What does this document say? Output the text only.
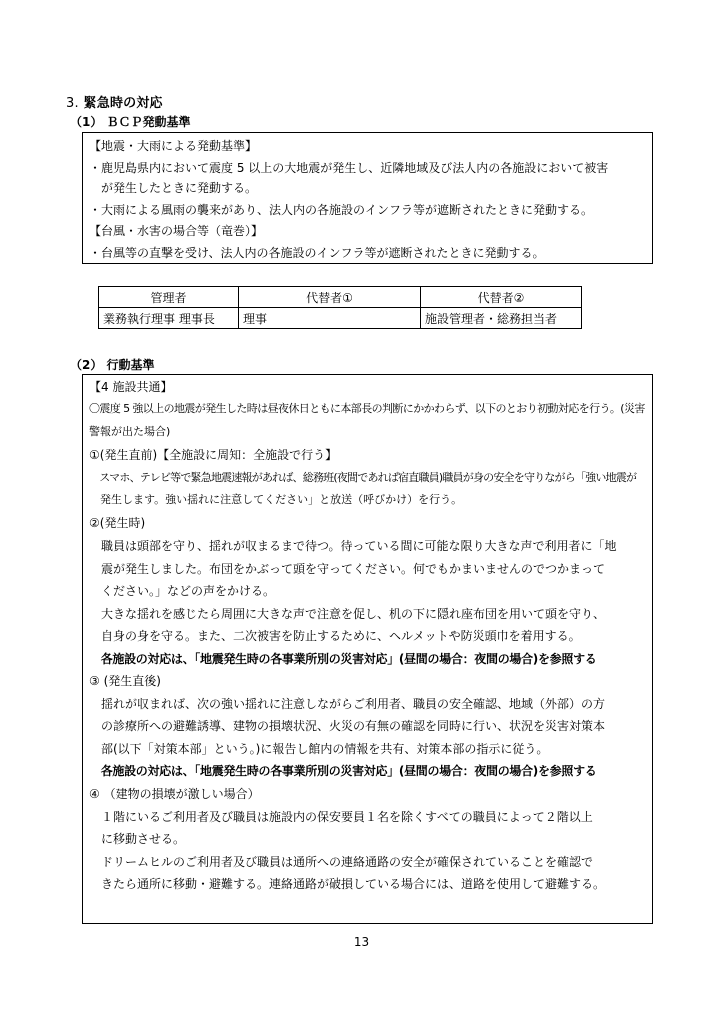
3. 緊急時の対応
（1） ＢＣＰ発動基準
【地震・大雨による発動基準】
・鹿児島県内において震度 5 以上の大地震が発生し、近隣地域及び法人内の各施設において被害
　が発生したときに発動する。
・大雨による風雨の襲来があり、法人内の各施設のインフラ等が遮断されたときに発動する。
【台風・水害の場合等（竜巻）】
・台風等の直撃を受け、法人内の各施設のインフラ等が遮断されたときに発動する。
管理者	代替者①	代替者②
業務執行理事 理事長	理事	施設管理者・総務担当者
（2） 行動基準
【4 施設共通】
〇震度 5 強以上の地震が発生した時は昼夜休日ともに本部長の判断にかかわらず、以下のとおり初動対応を行う。(災害
警報が出た場合)
①(発生直前)【全施設に周知：全施設で行う】
　スマホ、テレビ等で緊急地震速報があれば、総務班(夜間であれば宿直職員)職員が身の安全を守りながら「強い地震が
　発生します。強い揺れに注意してください」と放送（呼びかけ）を行う。
②(発生時)
　職員は頭部を守り、揺れが収まるまで待つ。待っている間に可能な限り大きな声で利用者に「地
　震が発生しました。布団をかぶって頭を守ってください。何でもかまいませんのでつかまって
　ください。」などの声をかける。
　大きな揺れを感じたら周囲に大きな声で注意を促し、机の下に隠れ座布団を用いて頭を守り、
　自身の身を守る。また、二次被害を防止するために、ヘルメットや防災頭巾を着用する。
　各施設の対応は、「地震発生時の各事業所別の災害対応」(昼間の場合：夜間の場合)を参照する
③ (発生直後)
　揺れが収まれば、次の強い揺れに注意しながらご利用者、職員の安全確認、地域（外部）の方
　の診療所への避難誘導、建物の損壊状況、火災の有無の確認を同時に行い、状況を災害対策本
　部(以下「対策本部」という。)に報告し館内の情報を共有、対策本部の指示に従う。
　各施設の対応は、「地震発生時の各事業所別の災害対応」(昼間の場合：夜間の場合)を参照する
④ （建物の損壊が激しい場合）
　１階にいるご利用者及び職員は施設内の保安要員１名を除くすべての職員によって２階以上
　に移動させる。
　ドリームヒルのご利用者及び職員は通所への連絡通路の安全が確保されていることを確認で
　きたら通所に移動・避難する。連絡通路が破損している場合には、道路を使用して避難する。
13
